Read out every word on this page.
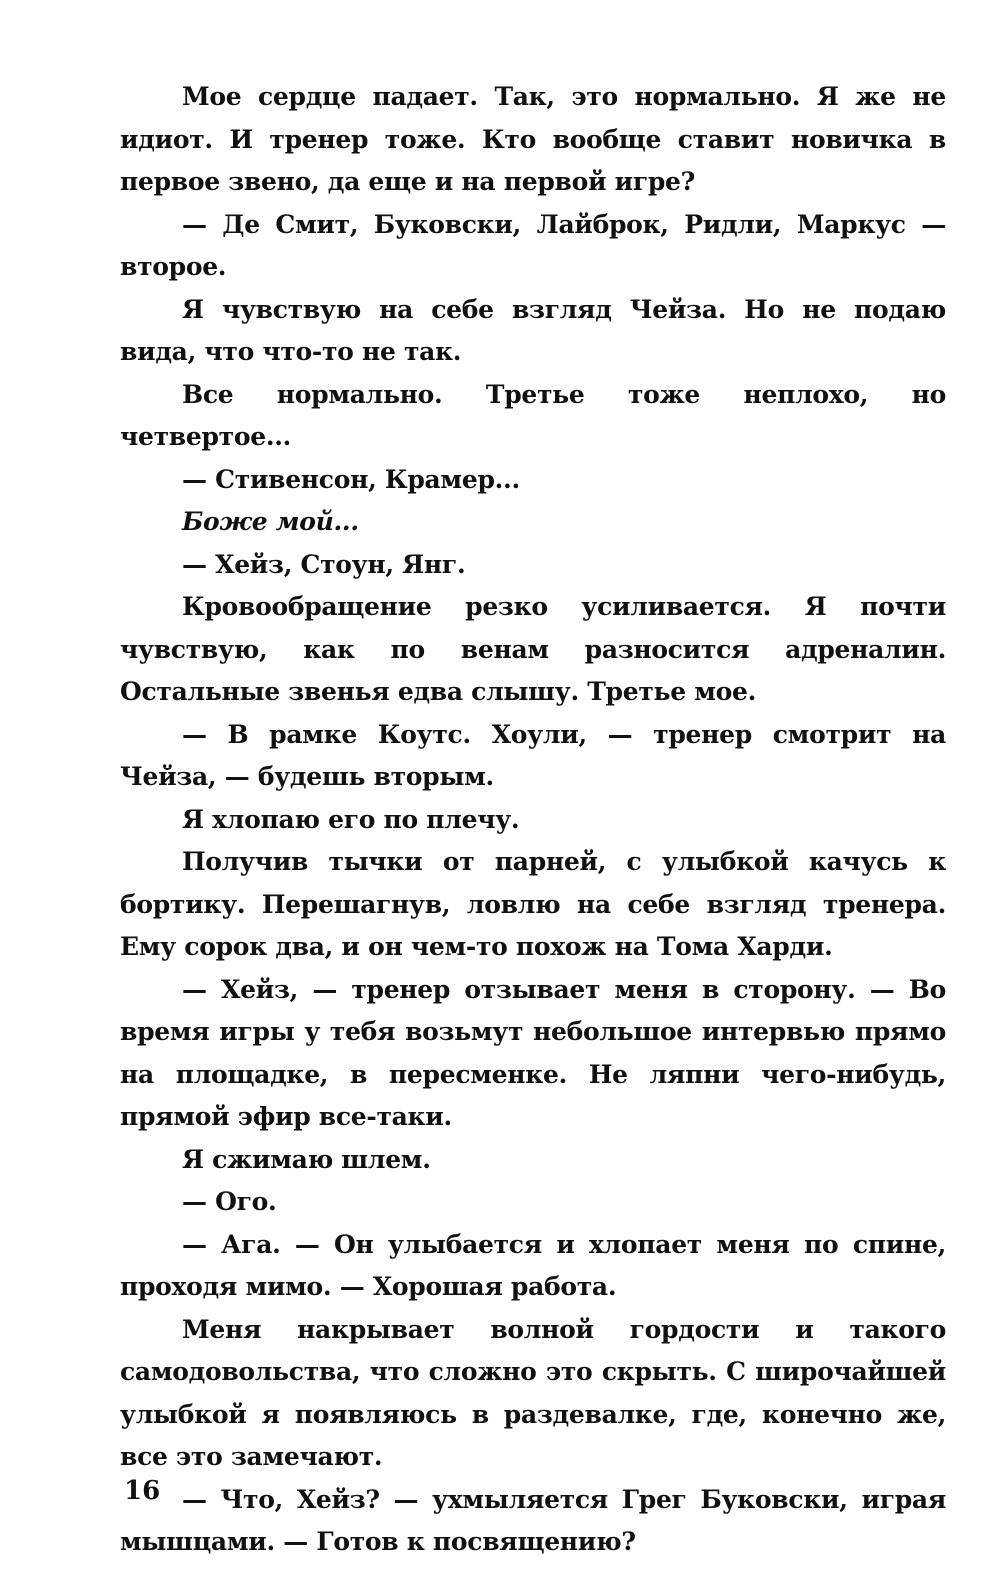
Мое сердце падает. Так, это нормально. Я же не идиот. И тренер тоже. Кто вообще ставит новичка в первое звено, да еще и на первой игре?

— Де Смит, Буковски, Лайброк, Ридли, Маркус — второе.

Я чувствую на себе взгляд Чейза. Но не подаю вида, что что-то не так.

Все нормально. Третье тоже неплохо, но четвертое...

— Стивенсон, Крамер...

Боже мой...

— Хейз, Стоун, Янг.

Кровообращение резко усиливается. Я почти чувствую, как по венам разносится адреналин. Остальные звенья едва слышу. Третье мое.

— В рамке Коутс. Хоули, — тренер смотрит на Чейза, — будешь вторым.

Я хлопаю его по плечу.

Получив тычки от парней, с улыбкой качусь к бортику. Перешагнув, ловлю на себе взгляд тренера. Ему сорок два, и он чем-то похож на Тома Харди.

— Хейз, — тренер отзывает меня в сторону. — Во время игры у тебя возьмут небольшое интервью прямо на площадке, в пересменке. Не ляпни чего-нибудь, прямой эфир все-таки.

Я сжимаю шлем.

— Ого.

— Ага. — Он улыбается и хлопает меня по спине, проходя мимо. — Хорошая работа.

Меня накрывает волной гордости и такого самодовольства, что сложно это скрыть. С широчайшей улыбкой я появляюсь в раздевалке, где, конечно же, все это замечают.

— Что, Хейз? — ухмыляется Грег Буковски, играя мышцами. — Готов к посвящению?

16
